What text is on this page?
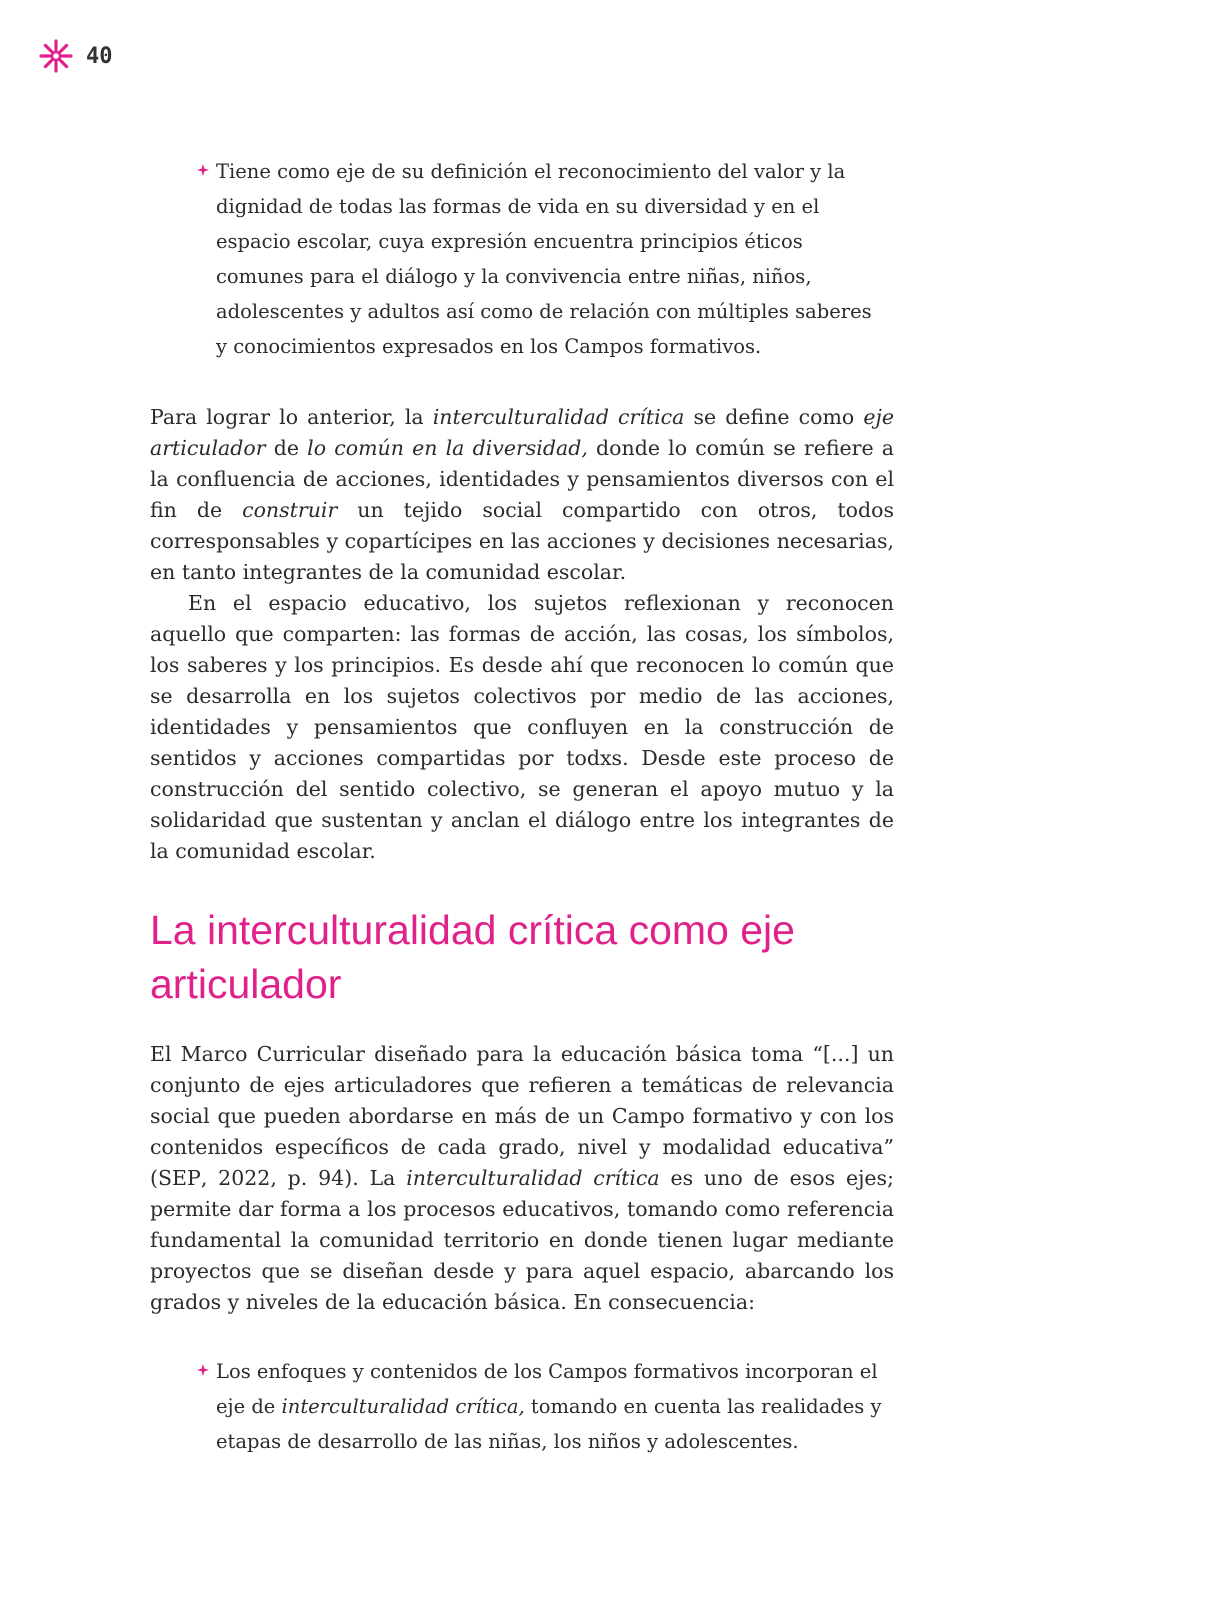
40
Tiene como eje de su definición el reconocimiento del valor y la dignidad de todas las formas de vida en su diversidad y en el espacio escolar, cuya expresión encuentra principios éticos comunes para el diálogo y la convivencia entre niñas, niños, adolescentes y adultos así como de relación con múltiples saberes y conocimientos expresados en los Campos formativos.

Para lograr lo anterior, la interculturalidad crítica se define como eje articulador de lo común en la diversidad, donde lo común se refiere a la confluencia de acciones, identidades y pensamientos diversos con el fin de construir un tejido social compartido con otros, todos corresponsables y copartícipes en las acciones y decisiones necesarias, en tanto integrantes de la comunidad escolar.

En el espacio educativo, los sujetos reflexionan y reconocen aquello que comparten: las formas de acción, las cosas, los símbolos, los saberes y los principios. Es desde ahí que reconocen lo común que se desarrolla en los sujetos colectivos por medio de las acciones, identidades y pensamientos que confluyen en la construcción de sentidos y acciones compartidas por todxs. Desde este proceso de construcción del sentido colectivo, se generan el apoyo mutuo y la solidaridad que sustentan y anclan el diálogo entre los integrantes de la comunidad escolar.

La interculturalidad crítica como eje articulador

El Marco Curricular diseñado para la educación básica toma “[...] un conjunto de ejes articuladores que refieren a temáticas de relevancia social que pueden abordarse en más de un Campo formativo y con los contenidos específicos de cada grado, nivel y modalidad educativa” (SEP, 2022, p. 94). La interculturalidad crítica es uno de esos ejes; permite dar forma a los procesos educativos, tomando como referencia fundamental la comunidad territorio en donde tienen lugar mediante proyectos que se diseñan desde y para aquel espacio, abarcando los grados y niveles de la educación básica. En consecuencia:

Los enfoques y contenidos de los Campos formativos incorporan el eje de interculturalidad crítica, tomando en cuenta las realidades y etapas de desarrollo de las niñas, los niños y adolescentes.
